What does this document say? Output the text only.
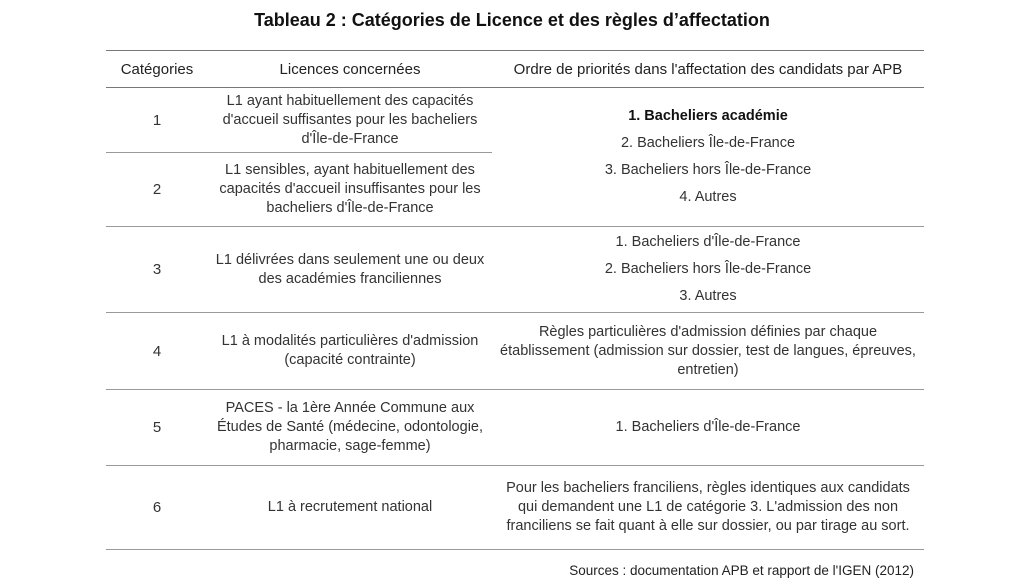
Tableau 2 : Catégories de Licence et des règles d’affectation
Catégories	Licences concernées	Ordre de priorités dans l'affectation des candidats par APB
1	L1 ayant habituellement des capacités d'accueil suffisantes pour les bacheliers d'Île-de-France	1. Bacheliers académie

2. Bacheliers Île-de-France

3. Bacheliers hors Île-de-France

4. Autres

2	L1 sensibles, ayant habituellement des capacités d'accueil insuffisantes pour les bacheliers d'Île-de-France	
3	L1 délivrées dans seulement une ou deux des académies franciliennes	1. Bacheliers d'Île-de-France

2. Bacheliers hors Île-de-France

3. Autres

4	L1 à modalités particulières d'admission (capacité contrainte)	Règles particulières d'admission définies par chaque établissement (admission sur dossier, test de langues, épreuves, entretien)
5	PACES - la 1ère Année Commune aux Études de Santé (médecine, odontologie, pharmacie, sage-femme)	1. Bacheliers d'Île-de-France
6	L1 à recrutement national	Pour les bacheliers franciliens, règles identiques aux candidats qui demandent une L1 de catégorie 3. L'admission des non franciliens se fait quant à elle sur dossier, ou par tirage au sort.
Sources : documentation APB et rapport de l'IGEN (2012)
